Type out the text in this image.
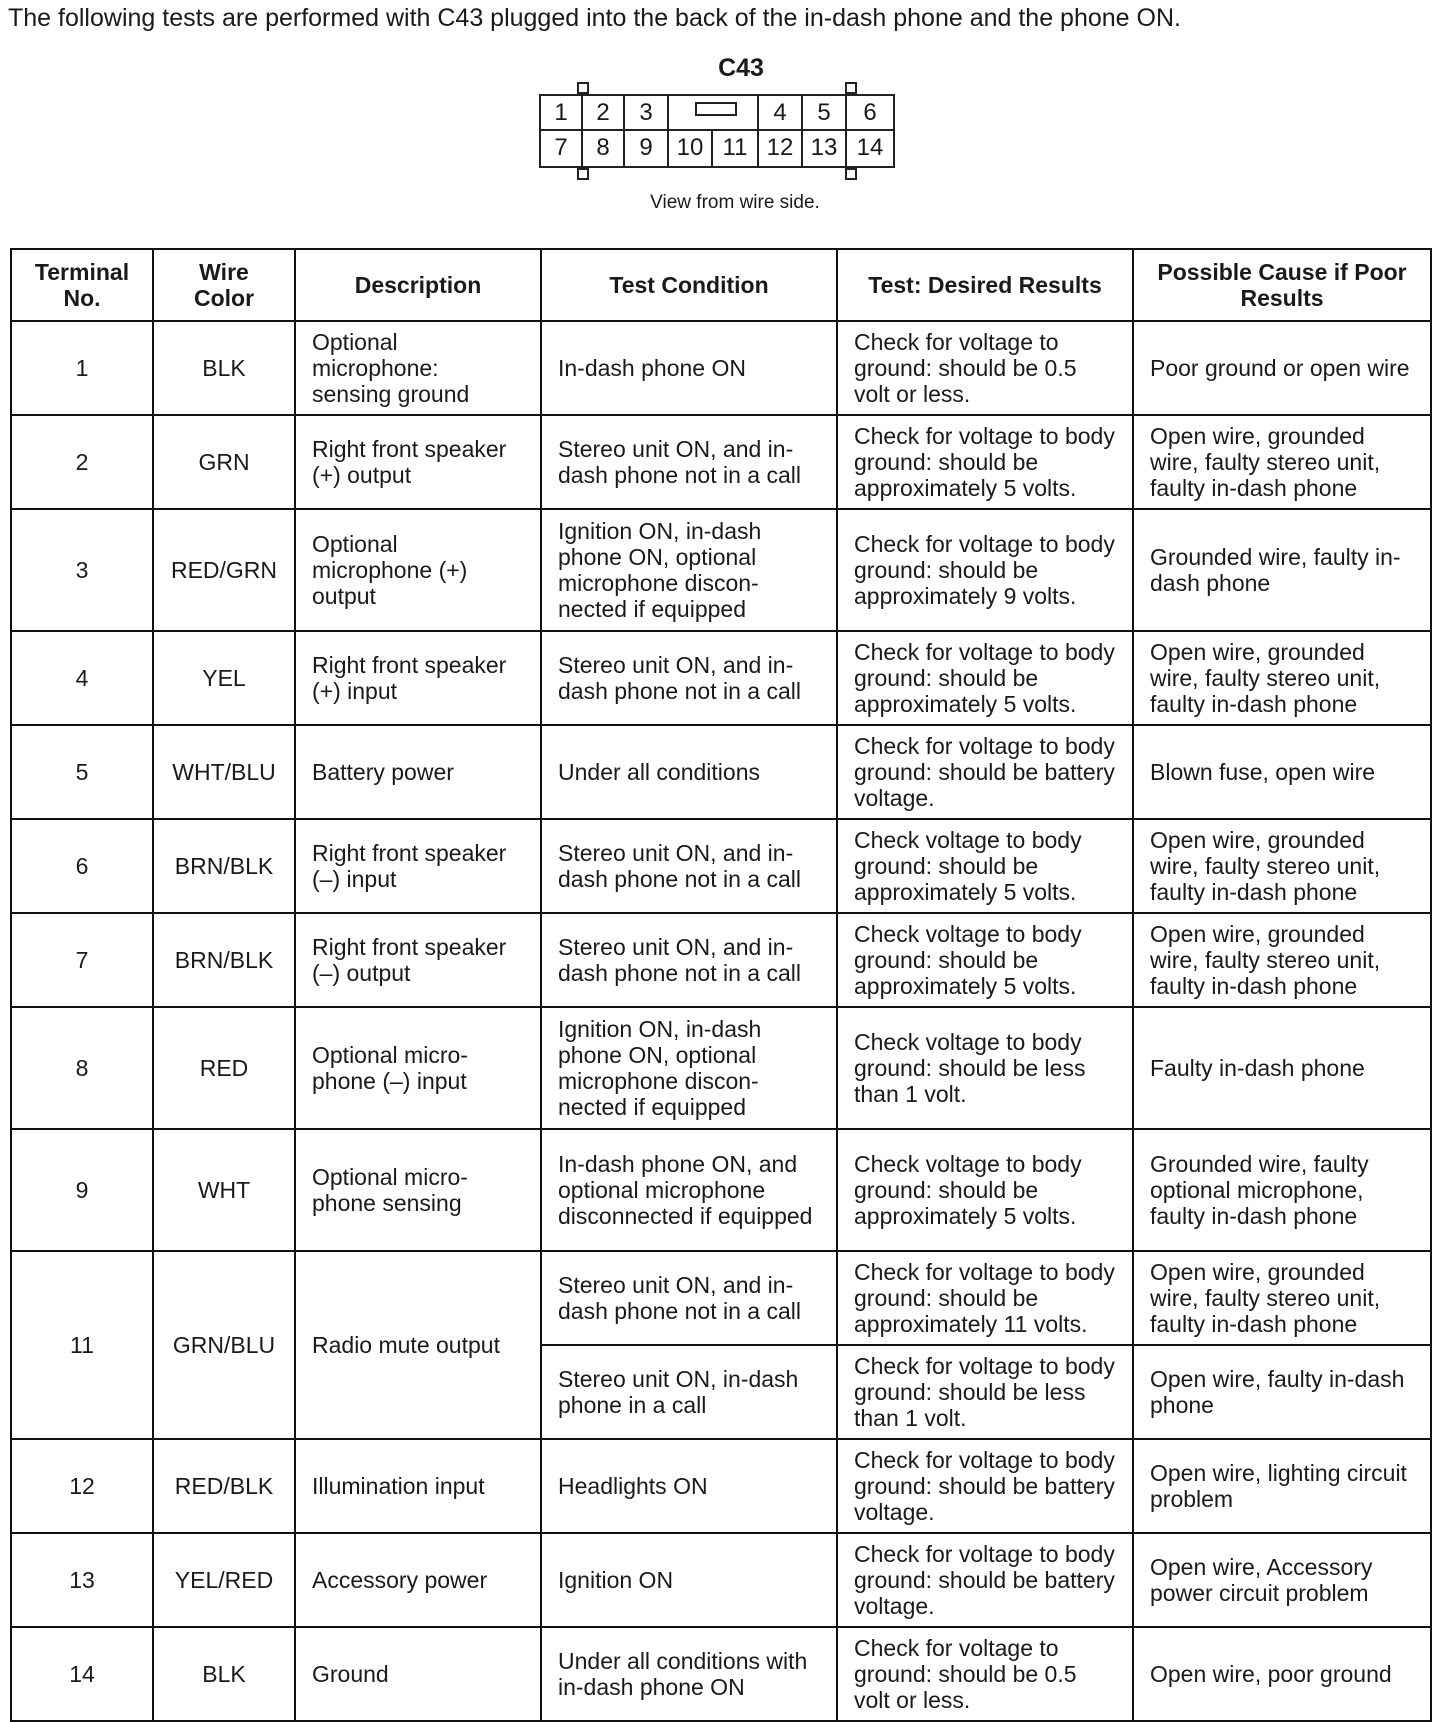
The following tests are performed with C43 plugged into the back of the in-dash phone and the phone ON.
C43
1	2	3	4	5	6
7	8	9 10 11 12 13 14
View from wire side.
Terminal No.	Wire Color	Description	Test Condition	Test: Desired Results	Possible Cause if Poor Results
1	BLK	Optional microphone: sensing ground	In-dash phone ON	Check for voltage to ground: should be 0.5 volt or less.	Poor ground or open wire
2	GRN	Right front speaker (+) output	Stereo unit ON, and in-dash phone not in a call	Check for voltage to body ground: should be approximately 5 volts.	Open wire, grounded wire, faulty stereo unit, faulty in-dash phone
3	RED/GRN	Optional microphone (+) output	Ignition ON, in-dash phone ON, optional microphone discon-nected if equipped	Check for voltage to body ground: should be approximately 9 volts.	Grounded wire, faulty in-dash phone
4	YEL	Right front speaker (+) input	Stereo unit ON, and in-dash phone not in a call	Check for voltage to body ground: should be approximately 5 volts.	Open wire, grounded wire, faulty stereo unit, faulty in-dash phone
5	WHT/BLU	Battery power	Under all conditions	Check for voltage to body ground: should be battery voltage.	Blown fuse, open wire
6	BRN/BLK	Right front speaker (–) input	Stereo unit ON, and in-dash phone not in a call	Check voltage to body ground: should be approximately 5 volts.	Open wire, grounded wire, faulty stereo unit, faulty in-dash phone
7	BRN/BLK	Right front speaker (–) output	Stereo unit ON, and in-dash phone not in a call	Check voltage to body ground: should be approximately 5 volts.	Open wire, grounded wire, faulty stereo unit, faulty in-dash phone
8	RED	Optional micro-phone (–) input	Ignition ON, in-dash phone ON, optional microphone discon-nected if equipped	Check voltage to body ground: should be less than 1 volt.	Faulty in-dash phone
9	WHT	Optional micro-phone sensing	In-dash phone ON, and optional microphone disconnected if equipped	Check voltage to body ground: should be approximately 5 volts.	Grounded wire, faulty optional microphone, faulty in-dash phone
11	GRN/BLU	Radio mute output	Stereo unit ON, and in-dash phone not in a call	Check for voltage to body ground: should be approximately 11 volts.	Open wire, grounded wire, faulty stereo unit, faulty in-dash phone
			Stereo unit ON, in-dash phone in a call	Check for voltage to body ground: should be less than 1 volt.	Open wire, faulty in-dash phone
12	RED/BLK	Illumination input	Headlights ON	Check for voltage to body ground: should be battery voltage.	Open wire, lighting circuit problem
13	YEL/RED	Accessory power	Ignition ON	Check for voltage to body ground: should be battery voltage.	Open wire, Accessory power circuit problem
14	BLK	Ground	Under all conditions with in-dash phone ON	Check for voltage to ground: should be 0.5 volt or less.	Open wire, poor ground
